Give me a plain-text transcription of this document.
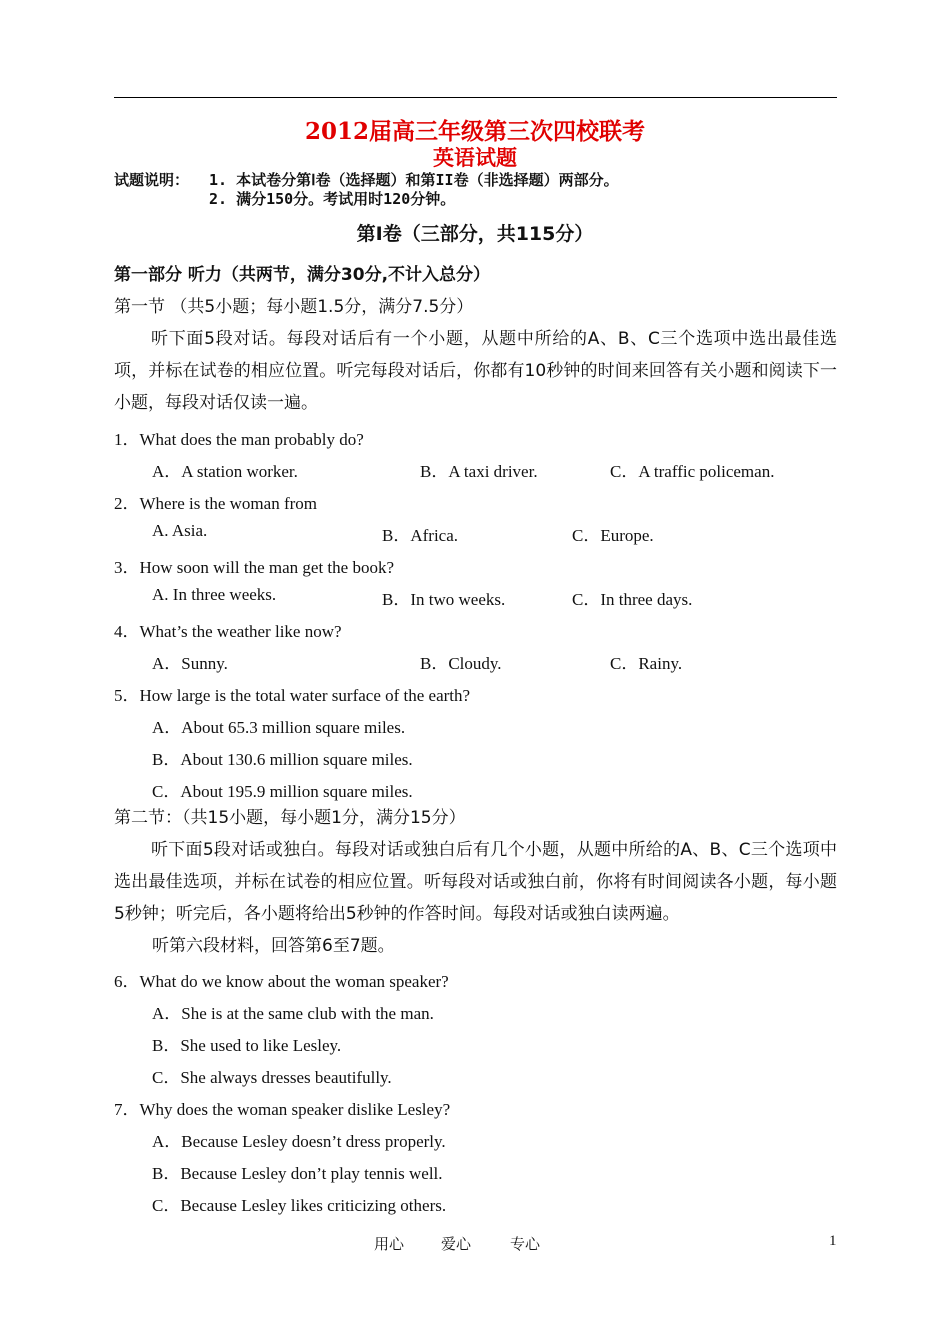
2012届高三年级第三次四校联考
英语试题
试题说明： 1. 本试卷分第Ⅰ卷（选择题）和第II卷（非选择题）两部分。
2. 满分150分。考试用时120分钟。
第Ⅰ卷（三部分，共115分）
第一部分 听力（共两节，满分30分,不计入总分）
第一节 （共5小题；每小题1.5分，满分7.5分）
听下面5段对话。每段对话后有一个小题，从题中所给的A、B、C三个选项中选出最佳选项，并标在试卷的相应位置。听完每段对话后，你都有10秒钟的时间来回答有关小题和阅读下一小题，每段对话仅读一遍。
1．What does the man probably do?
A．A station worker.	B．A taxi driver.	C．A traffic policeman.
2．Where is the woman from
A. Asia.	B．Africa.	C．Europe.
3．How soon will the man get the book?
A. In three weeks.	B．In two weeks.	C．In three days.
4．What’s the weather like now?
A．Sunny.	B．Cloudy.	C．Rainy.
5．How large is the total water surface of the earth?
A．About 65.3 million square miles.
B．About 130.6 million square miles.
C．About 195.9 million square miles.
第二节：（共15小题，每小题1分，满分15分）
听下面5段对话或独白。每段对话或独白后有几个小题，从题中所给的A、B、C三个选项中选出最佳选项，并标在试卷的相应位置。听每段对话或独白前，你将有时间阅读各小题，每小题5秒钟；听完后，各小题将给出5秒钟的作答时间。每段对话或独白读两遍。
听第六段材料，回答第6至7题。
6．What do we know about the woman speaker?
A．She is at the same club with the man.
B．She used to like Lesley.
C．She always dresses beautifully.
7．Why does the woman speaker dislike Lesley?
A．Because Lesley doesn’t dress properly.
B．Because Lesley don’t play tennis well.
C．Because Lesley likes criticizing others.
用心 爱心	专心	1
